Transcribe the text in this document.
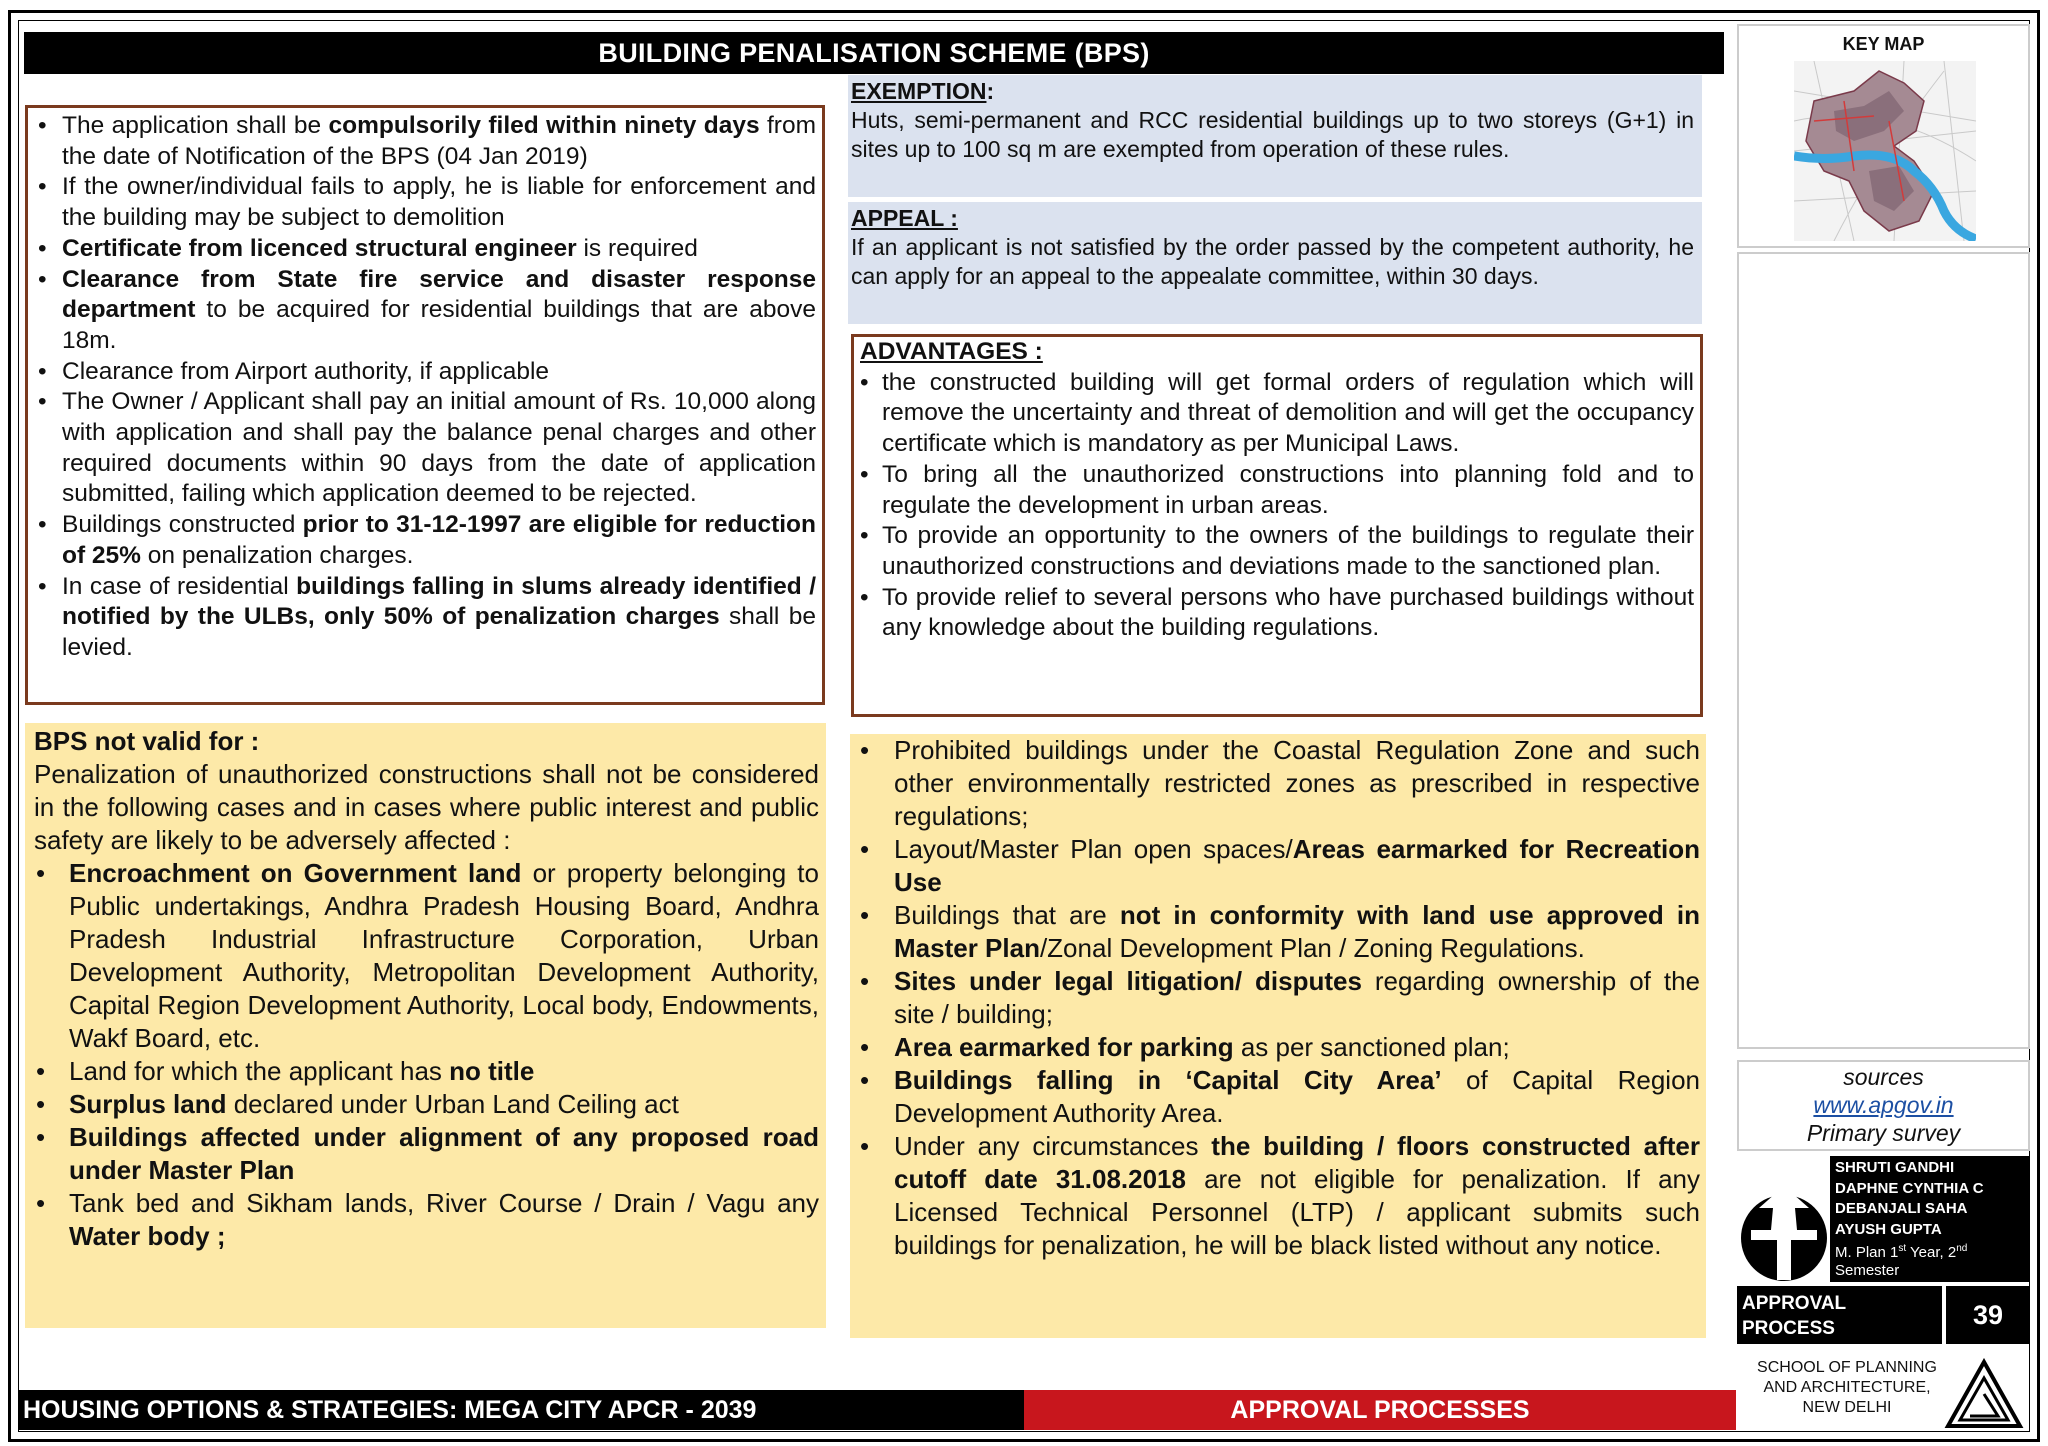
BUILDING PENALISATION SCHEME (BPS)
• The application shall be compulsorily filed within ninety days from the date of Notification of the BPS (04 Jan 2019)
• If the owner/individual fails to apply, he is liable for enforcement and the building may be subject to demolition
• Certificate from licenced structural engineer is required
• Clearance from State fire service and disaster response department to be acquired for residential buildings that are above 18m.
• Clearance from Airport authority, if applicable
• The Owner / Applicant shall pay an initial amount of Rs. 10,000 along with application and shall pay the balance penal charges and other required documents within 90 days from the date of application submitted, failing which application deemed to be rejected.
• Buildings constructed prior to 31-12-1997 are eligible for reduction of 25% on penalization charges.
• In case of residential buildings falling in slums already identified / notified by the ULBs, only 50% of penalization charges shall be levied.
EXEMPTION:
Huts, semi-permanent and RCC residential buildings up to two storeys (G+1) in sites up to 100 sq m are exempted from operation of these rules.
APPEAL :
If an applicant is not satisfied by the order passed by the competent authority, he can apply for an appeal to the appealate committee, within 30 days.
ADVANTAGES :
• the constructed building will get formal orders of regulation which will remove the uncertainty and threat of demolition and will get the occupancy certificate which is mandatory as per Municipal Laws.
• To bring all the unauthorized constructions into planning fold and to regulate the development in urban areas.
• To provide an opportunity to the owners of the buildings to regulate their unauthorized constructions and deviations made to the sanctioned plan.
• To provide relief to several persons who have purchased buildings without any knowledge about the building regulations.
BPS not valid for :
Penalization of unauthorized constructions shall not be considered in the following cases and in cases where public interest and public safety are likely to be adversely affected :
• Encroachment on Government land or property belonging to Public undertakings, Andhra Pradesh Housing Board, Andhra Pradesh Industrial Infrastructure Corporation, Urban Development Authority, Metropolitan Development Authority, Capital Region Development Authority, Local body, Endowments, Wakf Board, etc.
• Land for which the applicant has no title
• Surplus land declared under Urban Land Ceiling act
• Buildings affected under alignment of any proposed road under Master Plan
• Tank bed and Sikham lands, River Course / Drain / Vagu any Water body ;
• Prohibited buildings under the Coastal Regulation Zone and such other environmentally restricted zones as prescribed in respective regulations;
• Layout/Master Plan open spaces/Areas earmarked for Recreation Use
• Buildings that are not in conformity with land use approved in Master Plan/Zonal Development Plan / Zoning Regulations.
• Sites under legal litigation/ disputes regarding ownership of the site / building;
• Area earmarked for parking as per sanctioned plan;
• Buildings falling in ‘Capital City Area’ of Capital Region Development Authority Area.
• Under any circumstances the building / floors constructed after cutoff date 31.08.2018 are not eligible for penalization. If any Licensed Technical Personnel (LTP) / applicant submits such buildings for penalization, he will be black listed without any notice.
KEY MAP
sources
www.apgov.in
Primary survey
SHRUTI GANDHI
DAPHNE CYNTHIA C
DEBANJALI SAHA
AYUSH GUPTA
M. Plan 1st Year, 2nd
Semester
APPROVAL PROCESS	39
SCHOOL OF PLANNING
AND ARCHITECTURE,
NEW DELHI
HOUSING OPTIONS & STRATEGIES: MEGA CITY APCR - 2039	APPROVAL PROCESSES
